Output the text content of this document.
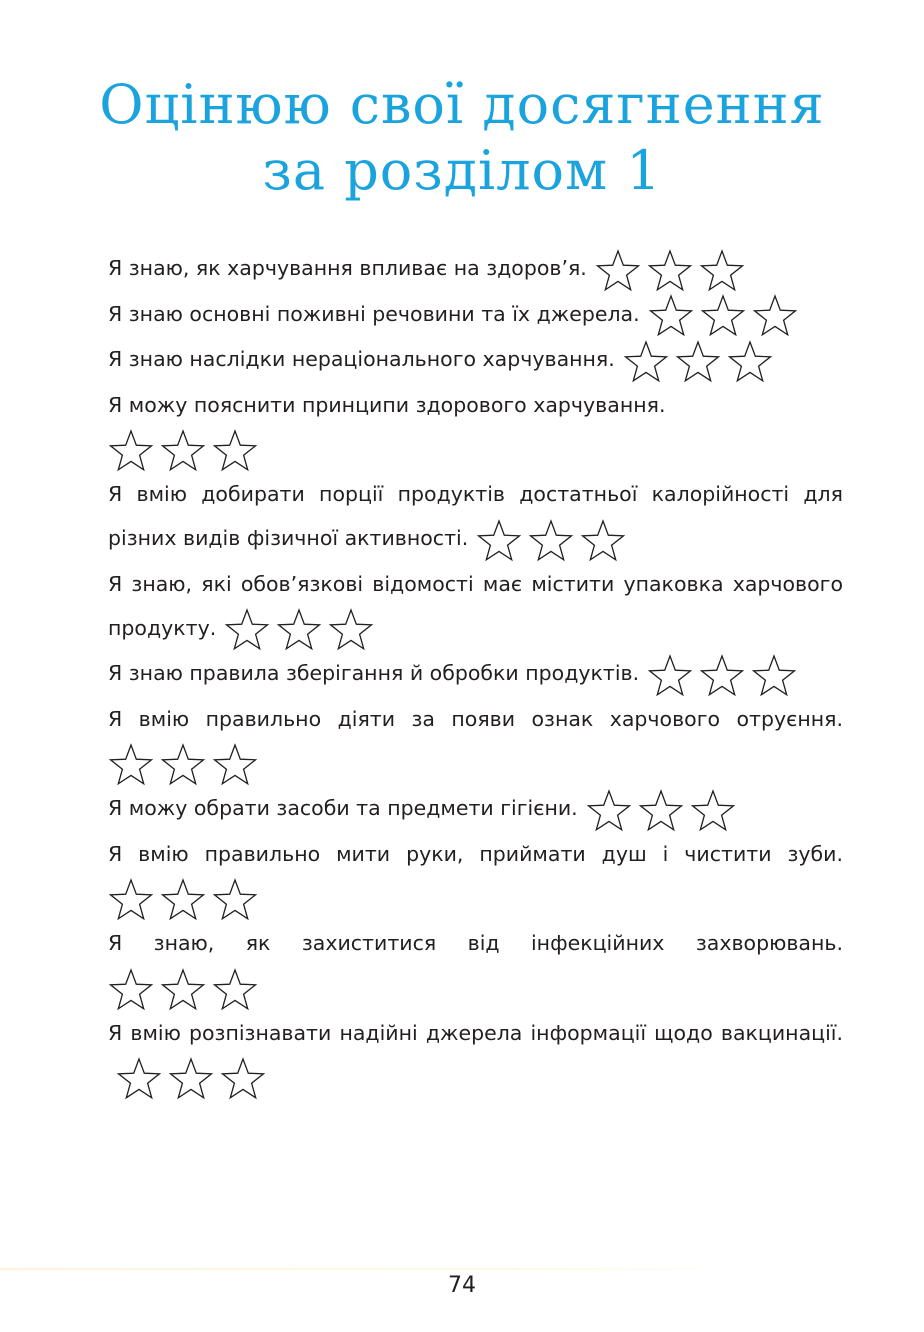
Оцінюю свої досягнення
за розділом 1
Я знаю, як харчування впливає на здоров’я.
Я знаю основні поживні речовини та їх джерела.
Я знаю наслідки нераціонального харчування.
Я можу пояснити принципи здорового харчування.

Я вмію добирати порції продуктів достатньої калорійності для різних видів фізичної активності.
Я знаю, які обов’язкові відомості має містити упаковка харчового продукту.
Я знаю правила зберігання й обробки продуктів.
Я вмію правильно діяти за появи ознак харчового отруєння.
Я можу обрати засоби та предмети гігієни.
Я вмію правильно мити руки, приймати душ і чистити зуби.
Я знаю, як захиститися від інфекційних захворювань.
Я вмію розпізнавати надійні джерела інформації щодо вакцинації.
74
